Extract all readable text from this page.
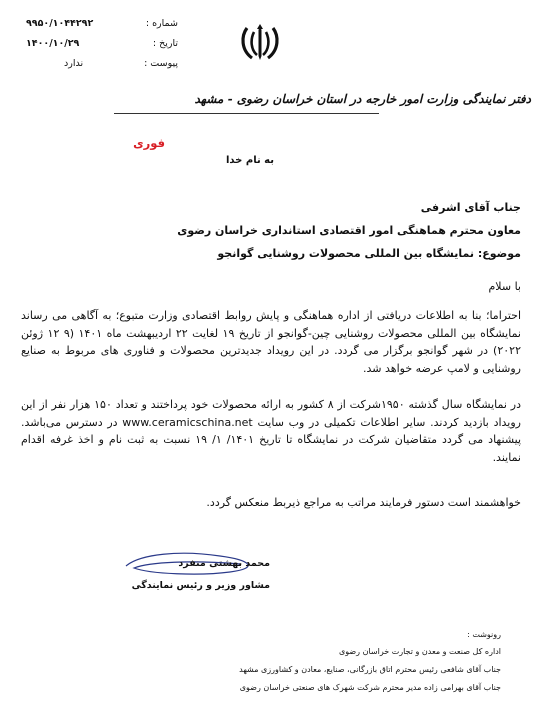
شماره :
۹۹۵۰/۱۰۴۴۲۹۲
تاریخ :
۱۴۰۰/۱۰/۲۹
پیوست :
ندارد
دفتر نمایندگی وزارت امور خارجه در استان خراسان رضوی - مشهد
فوری
به نام خدا
جناب آقای اشرفی
معاون محترم هماهنگی امور اقتصادی استانداری خراسان رضوی
موضوع: نمایشگاه بین المللی محصولات روشنایی گوانجو
با سلام
احتراما؛ بنا به اطلاعات دریافتی از اداره هماهنگی و پایش روابط اقتصادی وزارت متبوع؛ به آگاهی می رساند نمایشگاه بین المللی محصولات روشنایی چین-گوانجو از تاریخ ۱۹ لغایت ۲۲ اردیبهشت ماه ۱۴۰۱ (۹ ۱۲ ژوئن ۲۰۲۲) در شهر گوانجو برگزار می گردد. در این رویداد جدیدترین محصولات و فناوری های مربوط به صنایع روشنایی و لامپ عرضه خواهد شد.
در نمایشگاه سال گذشته ۱۹۵۰شرکت از ۸ کشور به ارائه محصولات خود پرداختند و تعداد ۱۵۰ هزار نفر از این رویداد بازدید کردند. سایر اطلاعات تکمیلی در وب سایت www.ceramicschina.net در دسترس می‌باشد. پیشنهاد می گردد متقاضیان شرکت در نمایشگاه تا تاریخ ۱۴۰۱/ ۱/ ۱۹ نسبت به ثبت نام و اخذ غرفه اقدام نمایند.
خواهشمند است دستور فرمایند مراتب به مراجع ذیربط منعکس گردد.
محمد بهشتی منفرد
مشاور وزیر و رئیس نمایندگی
رونوشت :
اداره کل صنعت و معدن و تجارت خراسان رضوی
جناب آقای شافعی رئیس محترم اتاق بازرگانی، صنایع، معادن و کشاورزی مشهد
جناب آقای بهرامی زاده مدیر محترم شرکت شهرک های صنعتی خراسان رضوی
